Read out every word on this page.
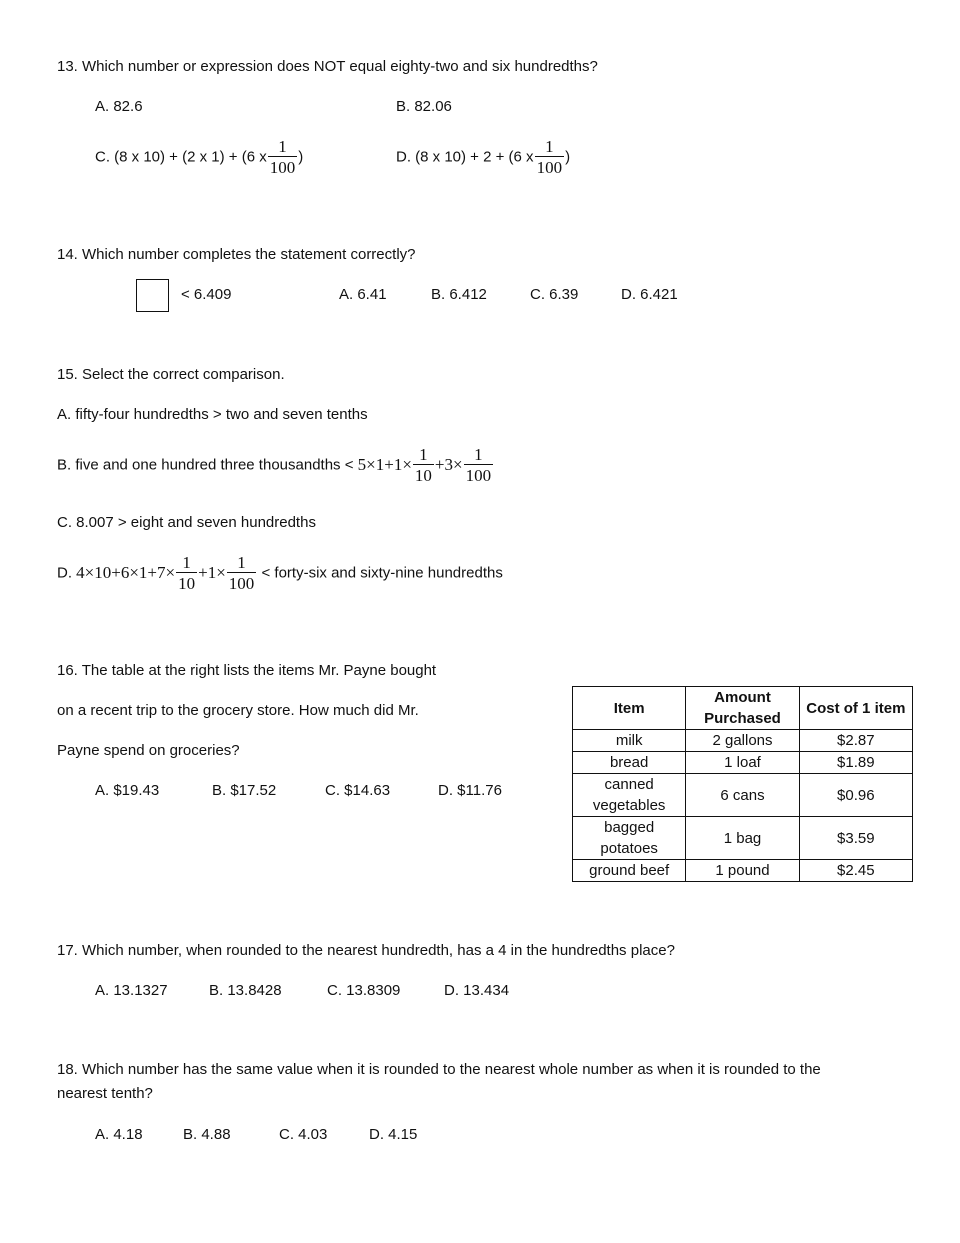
13. Which number or expression does NOT equal eighty-two and six hundredths?
A. 82.6	B. 82.06
C. (8 x 10) + (2 x 1) + (6 x $\frac{1}{100}$ )	D. (8 x 10) + 2 + (6 x $\frac{1}{100}$ )
14. Which number completes the statement correctly?
< 6.409	A. 6.41	B. 6.412	C. 6.39	D. 6.421
15. Select the correct comparison.
A. fifty-four hundredths > two and seven tenths
B. five and one hundred three thousandths < $5\times 1+1\times \frac{1}{10} +3\times \frac{1}{100}$
C. 8.007 > eight and seven hundredths
D. $4\times 10+6\times 1+7\times \frac{1}{10} +1\times \frac{1}{100}$ < forty-six and sixty-nine hundredths
16. The table at the right lists the items Mr. Payne bought
on a recent trip to the grocery store. How much did Mr.
Payne spend on groceries?
A. $19.43	B. $17.52	C. $14.63	D. $11.76
Item	Amount Purchased	Cost of 1 item
milk	2 gallons	$2.87
bread	1 loaf	$1.89
canned vegetables	6 cans	$0.96
bagged potatoes	1 bag	$3.59
ground beef	1 pound	$2.45
17. Which number, when rounded to the nearest hundredth, has a 4 in the hundredths place?
A. 13.1327	B. 13.8428	C. 13.8309	D. 13.434
18. Which number has the same value when it is rounded to the nearest whole number as when it is rounded to the
nearest tenth?
A. 4.18	B. 4.88	C. 4.03	D. 4.15
